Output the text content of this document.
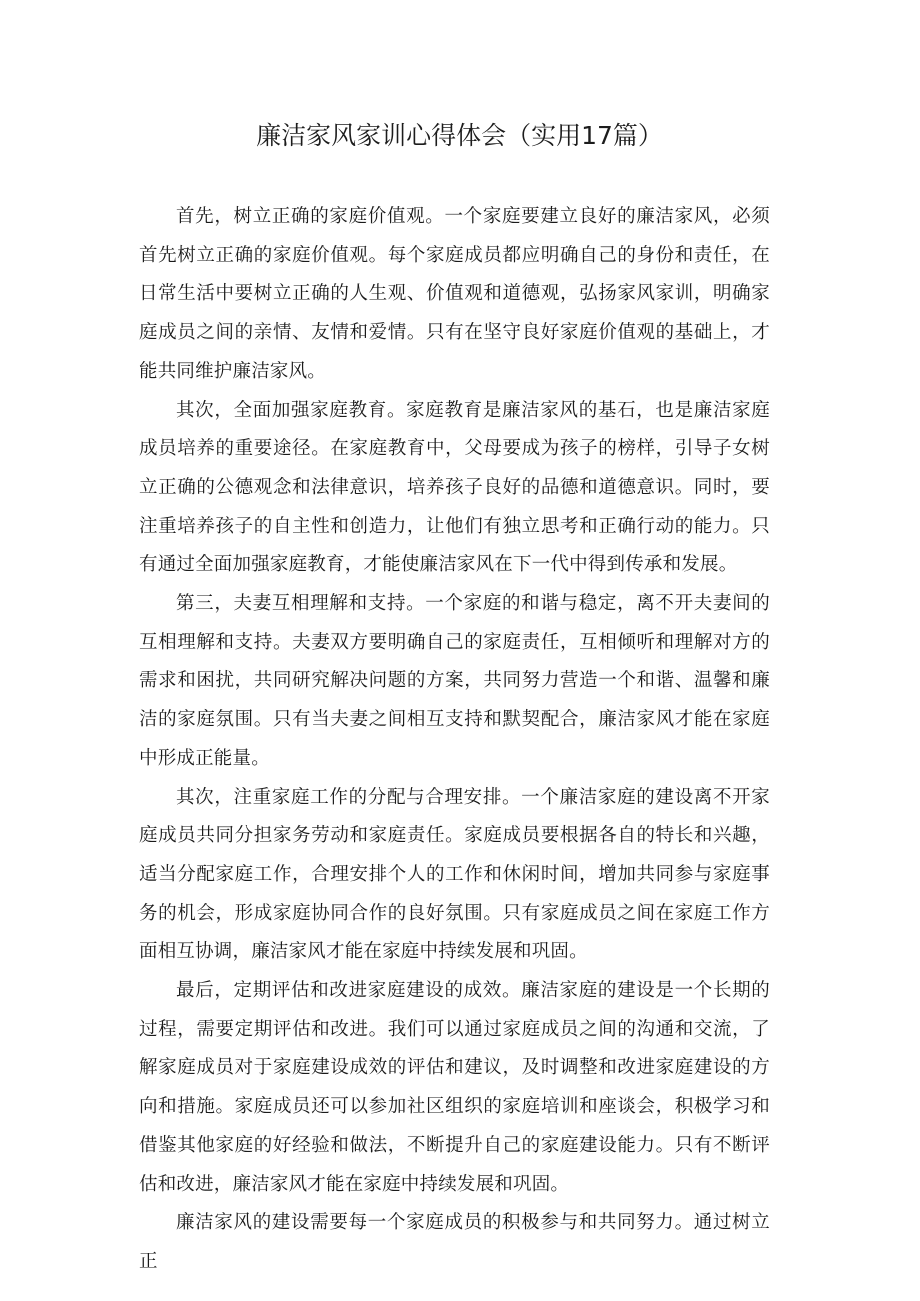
廉洁家风家训心得体会（实用17篇）

首先，树立正确的家庭价值观。一个家庭要建立良好的廉洁家风，必须首先树立正确的家庭价值观。每个家庭成员都应明确自己的身份和责任，在日常生活中要树立正确的人生观、价值观和道德观，弘扬家风家训，明确家庭成员之间的亲情、友情和爱情。只有在坚守良好家庭价值观的基础上，才能共同维护廉洁家风。

其次，全面加强家庭教育。家庭教育是廉洁家风的基石，也是廉洁家庭成员培养的重要途径。在家庭教育中，父母要成为孩子的榜样，引导子女树立正确的公德观念和法律意识，培养孩子良好的品德和道德意识。同时，要注重培养孩子的自主性和创造力，让他们有独立思考和正确行动的能力。只有通过全面加强家庭教育，才能使廉洁家风在下一代中得到传承和发展。

第三，夫妻互相理解和支持。一个家庭的和谐与稳定，离不开夫妻间的互相理解和支持。夫妻双方要明确自己的家庭责任，互相倾听和理解对方的需求和困扰，共同研究解决问题的方案，共同努力营造一个和谐、温馨和廉洁的家庭氛围。只有当夫妻之间相互支持和默契配合，廉洁家风才能在家庭中形成正能量。

其次，注重家庭工作的分配与合理安排。一个廉洁家庭的建设离不开家庭成员共同分担家务劳动和家庭责任。家庭成员要根据各自的特长和兴趣，适当分配家庭工作，合理安排个人的工作和休闲时间，增加共同参与家庭事务的机会，形成家庭协同合作的良好氛围。只有家庭成员之间在家庭工作方面相互协调，廉洁家风才能在家庭中持续发展和巩固。

最后，定期评估和改进家庭建设的成效。廉洁家庭的建设是一个长期的过程，需要定期评估和改进。我们可以通过家庭成员之间的沟通和交流，了解家庭成员对于家庭建设成效的评估和建议，及时调整和改进家庭建设的方向和措施。家庭成员还可以参加社区组织的家庭培训和座谈会，积极学习和借鉴其他家庭的好经验和做法，不断提升自己的家庭建设能力。只有不断评估和改进，廉洁家风才能在家庭中持续发展和巩固。

廉洁家风的建设需要每一个家庭成员的积极参与和共同努力。通过树立正
